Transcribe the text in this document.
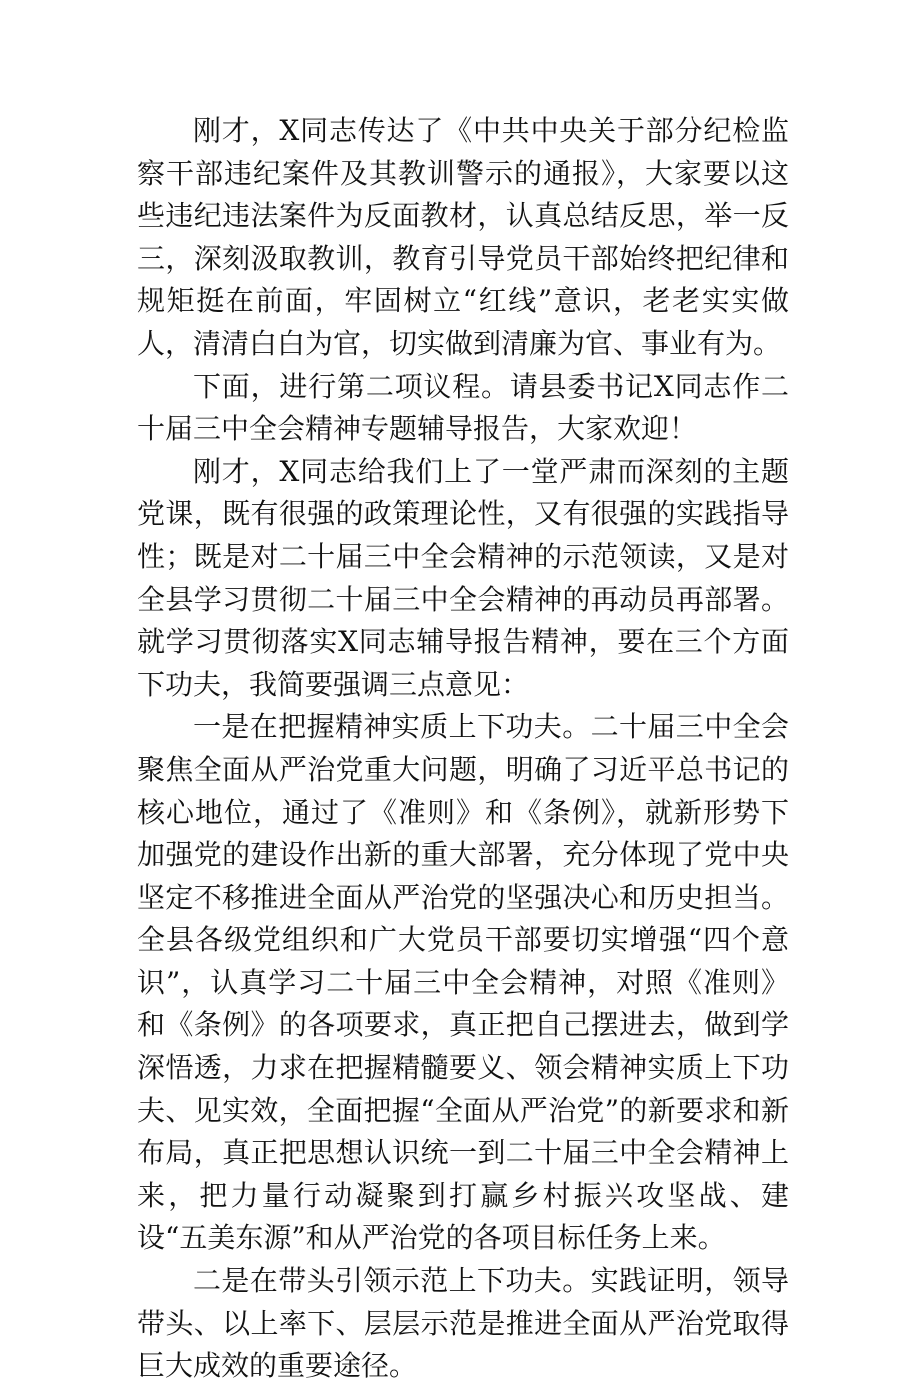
刚才，X同志传达了《中共中央关于部分纪检监察干部违纪案件及其教训警示的通报》，大家要以这些违纪违法案件为反面教材，认真总结反思，举一反三，深刻汲取教训，教育引导党员干部始终把纪律和规矩挺在前面，牢固树立“红线”意识，老老实实做人，清清白白为官，切实做到清廉为官、事业有为。

下面，进行第二项议程。请县委书记X同志作二十届三中全会精神专题辅导报告，大家欢迎！

刚才，X同志给我们上了一堂严肃而深刻的主题党课，既有很强的政策理论性，又有很强的实践指导性；既是对二十届三中全会精神的示范领读，又是对全县学习贯彻二十届三中全会精神的再动员再部署。就学习贯彻落实X同志辅导报告精神，要在三个方面下功夫，我简要强调三点意见：

一是在把握精神实质上下功夫。二十届三中全会聚焦全面从严治党重大问题，明确了习近平总书记的核心地位，通过了《准则》和《条例》，就新形势下加强党的建设作出新的重大部署，充分体现了党中央坚定不移推进全面从严治党的坚强决心和历史担当。全县各级党组织和广大党员干部要切实增强“四个意识”，认真学习二十届三中全会精神，对照《准则》和《条例》的各项要求，真正把自己摆进去，做到学深悟透，力求在把握精髓要义、领会精神实质上下功夫、见实效，全面把握“全面从严治党”的新要求和新布局，真正把思想认识统一到二十届三中全会精神上来，把力量行动凝聚到打赢乡村振兴攻坚战、建设“五美东源”和从严治党的各项目标任务上来。

二是在带头引领示范上下功夫。实践证明，领导带头、以上率下、层层示范是推进全面从严治党取得巨大成效的重要途径。
